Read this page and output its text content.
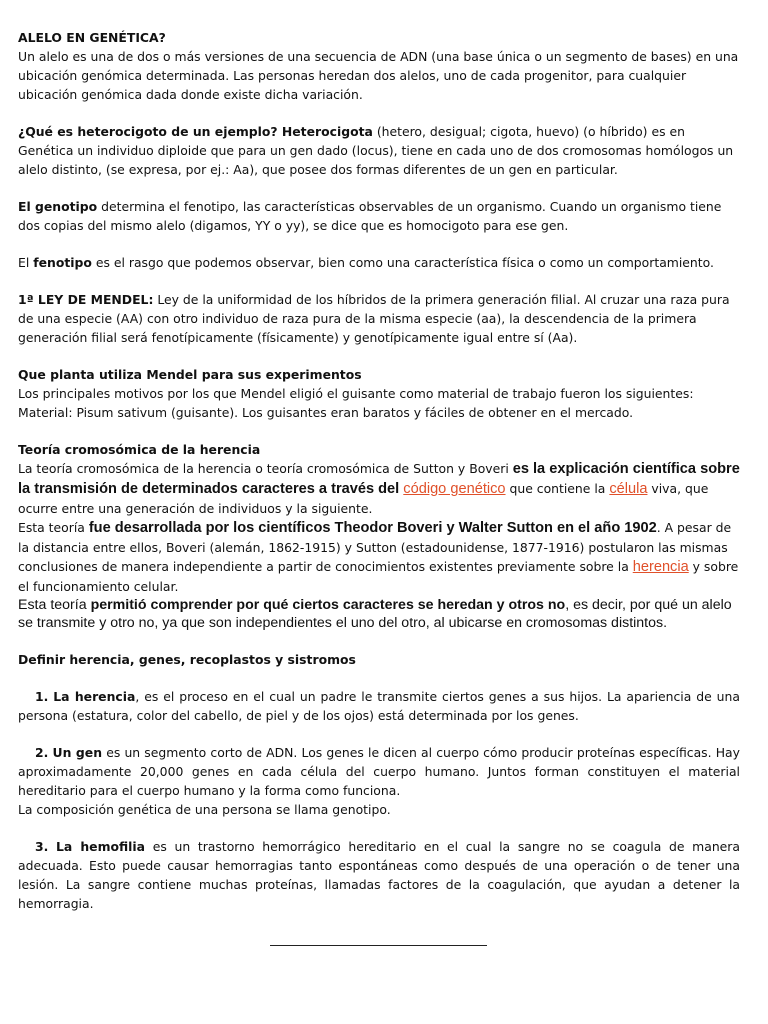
ALELO EN GENÉTICA?

Un alelo es una de dos o más versiones de una secuencia de ADN (una base única o un segmento de bases) en una ubicación genómica determinada. Las personas heredan dos alelos, uno de cada progenitor, para cualquier ubicación genómica dada donde existe dicha variación.

¿Qué es heterocigoto de un ejemplo? Heterocigota (hetero, desigual; cigota, huevo) (o híbrido) es en Genética un individuo diploide que para un gen dado (locus), tiene en cada uno de dos cromosomas homólogos un alelo distinto, (se expresa, por ej.: Aa), que posee dos formas diferentes de un gen en particular.

El genotipo determina el fenotipo, las características observables de un organismo. Cuando un organismo tiene dos copias del mismo alelo (digamos, YY o yy), se dice que es homocigoto para ese gen.

El fenotipo es el rasgo que podemos observar, bien como una característica física o como un comportamiento.

1ª LEY DE MENDEL: Ley de la uniformidad de los híbridos de la primera generación filial. Al cruzar una raza pura de una especie (AA) con otro individuo de raza pura de la misma especie (aa), la descendencia de la primera generación filial será fenotípicamente (físicamente) y genotípicamente igual entre sí (Aa).

Que planta utiliza Mendel para sus experimentos

Los principales motivos por los que Mendel eligió el guisante como material de trabajo fueron los siguientes: Material: Pisum sativum (guisante). Los guisantes eran baratos y fáciles de obtener en el mercado.

Teoría cromosómica de la herencia

La teoría cromosómica de la herencia o teoría cromosómica de Sutton y Boveri es la explicación científica sobre la transmisión de determinados caracteres a través del código genético que contiene la célula viva, que ocurre entre una generación de individuos y la siguiente.

Esta teoría fue desarrollada por los científicos Theodor Boveri y Walter Sutton en el año 1902. A pesar de la distancia entre ellos, Boveri (alemán, 1862-1915) y Sutton (estadounidense, 1877-1916) postularon las mismas conclusiones de manera independiente a partir de conocimientos existentes previamente sobre la herencia y sobre el funcionamiento celular.

Esta teoría permitió comprender por qué ciertos caracteres se heredan y otros no, es decir, por qué un alelo se transmite y otro no, ya que son independientes el uno del otro, al ubicarse en cromosomas distintos.

Definir herencia, genes, recoplastos y sistromos

1. La herencia, es el proceso en el cual un padre le transmite ciertos genes a sus hijos. La apariencia de una persona (estatura, color del cabello, de piel y de los ojos) está determinada por los genes.

2. Un gen es un segmento corto de ADN. Los genes le dicen al cuerpo cómo producir proteínas específicas. Hay aproximadamente 20,000 genes en cada célula del cuerpo humano. Juntos forman constituyen el material hereditario para el cuerpo humano y la forma como funciona.

La composición genética de una persona se llama genotipo.

3. La hemofilia es un trastorno hemorrágico hereditario en el cual la sangre no se coagula de manera adecuada. Esto puede causar hemorragias tanto espontáneas como después de una operación o de tener una lesión. La sangre contiene muchas proteínas, llamadas factores de la coagulación, que ayudan a detener la hemorragia.
